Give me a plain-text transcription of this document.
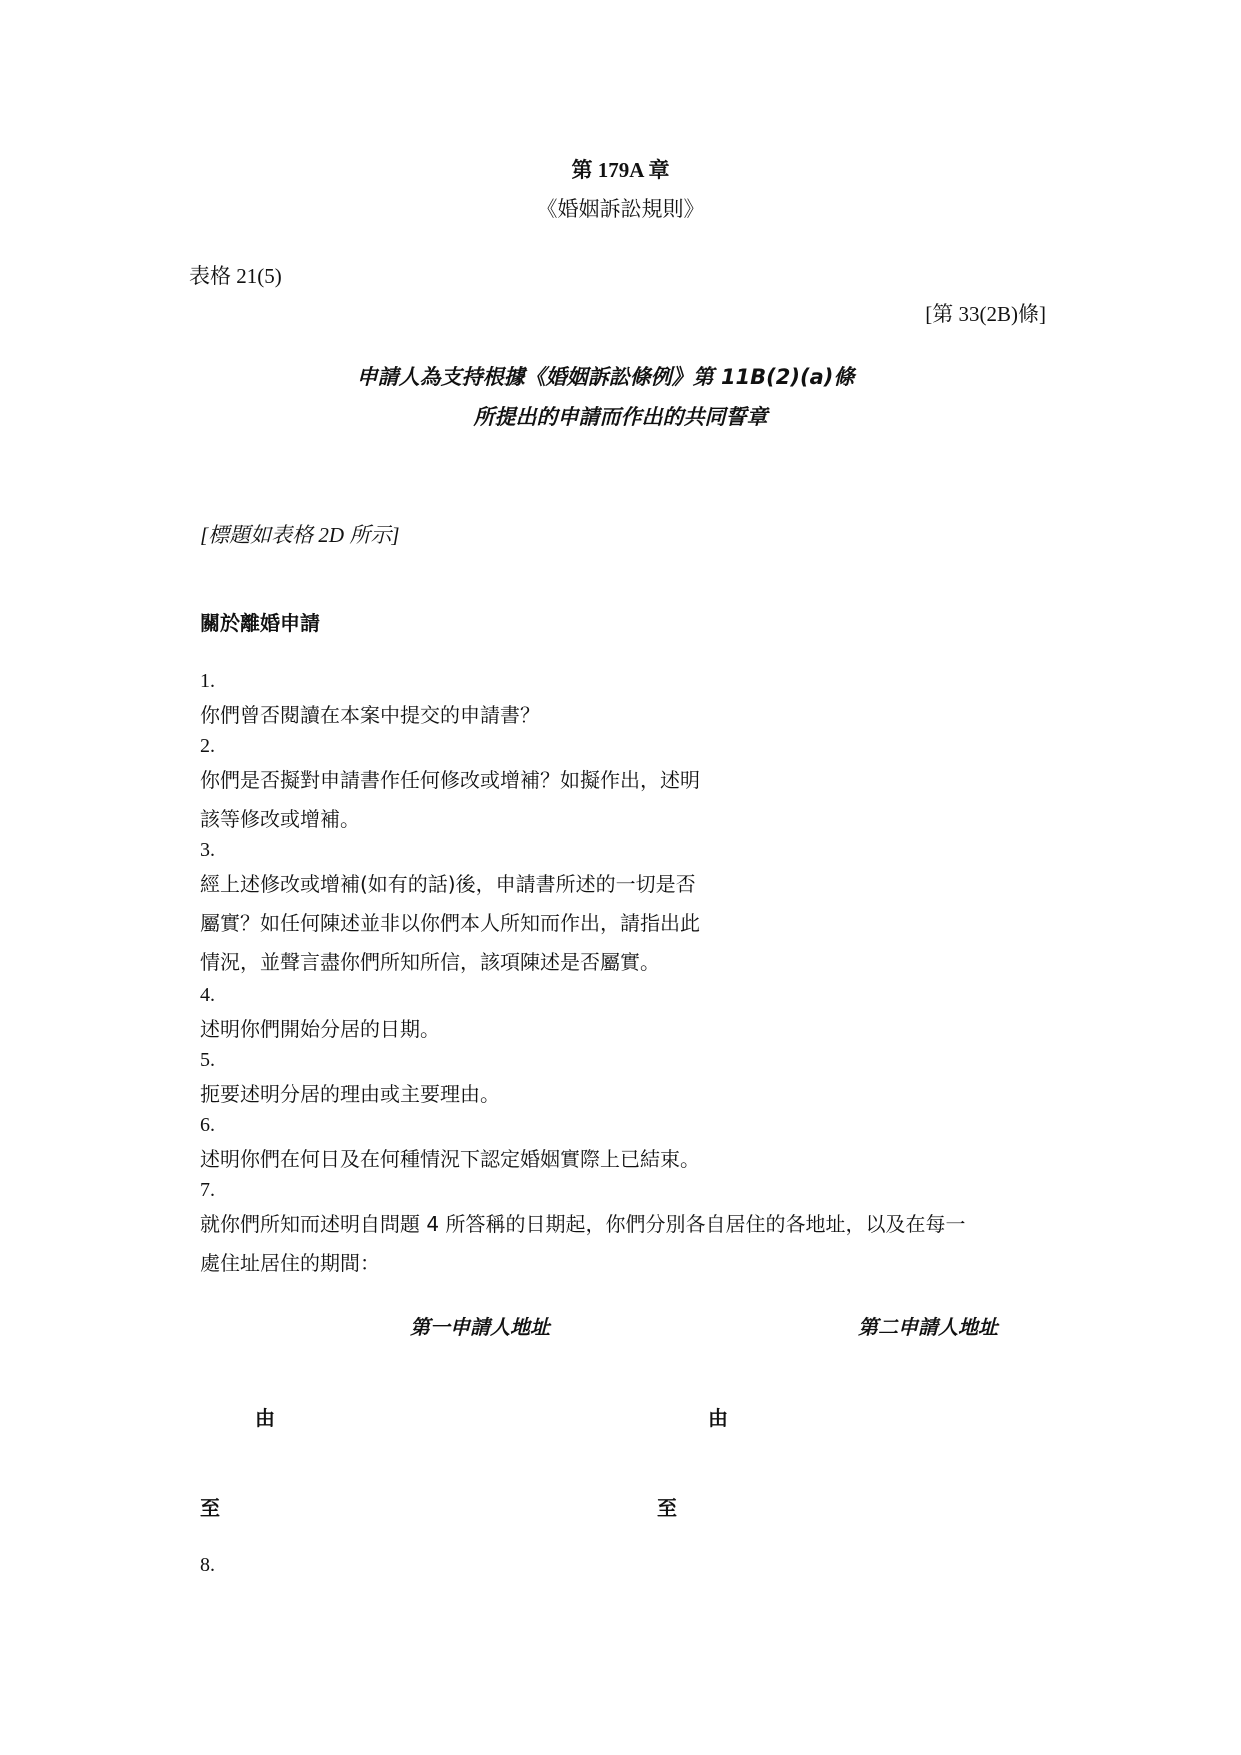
第 179A 章
《婚姻訴訟規則》
表格 21(5)
[第 33(2B)條]
申請人為支持根據《婚姻訴訟條例》第 11B(2)(a)條
所提出的申請而作出的共同誓章
[標題如表格 2D 所示]
關於離婚申請
1.
你們曾否閱讀在本案中提交的申請書？
2.
你們是否擬對申請書作任何修改或增補？如擬作出，述明
該等修改或增補。
3.
經上述修改或增補(如有的話)後，申請書所述的一切是否
屬實？如任何陳述並非以你們本人所知而作出，請指出此
情況，並聲言盡你們所知所信，該項陳述是否屬實。
4.
述明你們開始分居的日期。
5.
扼要述明分居的理由或主要理由。
6.
述明你們在何日及在何種情況下認定婚姻實際上已結束。
7.
就你們所知而述明自問題 4 所答稱的日期起，你們分別各自居住的各地址，以及在每一
處住址居住的期間：
第一申請人地址	第二申請人地址
由	由
至	至
8.
